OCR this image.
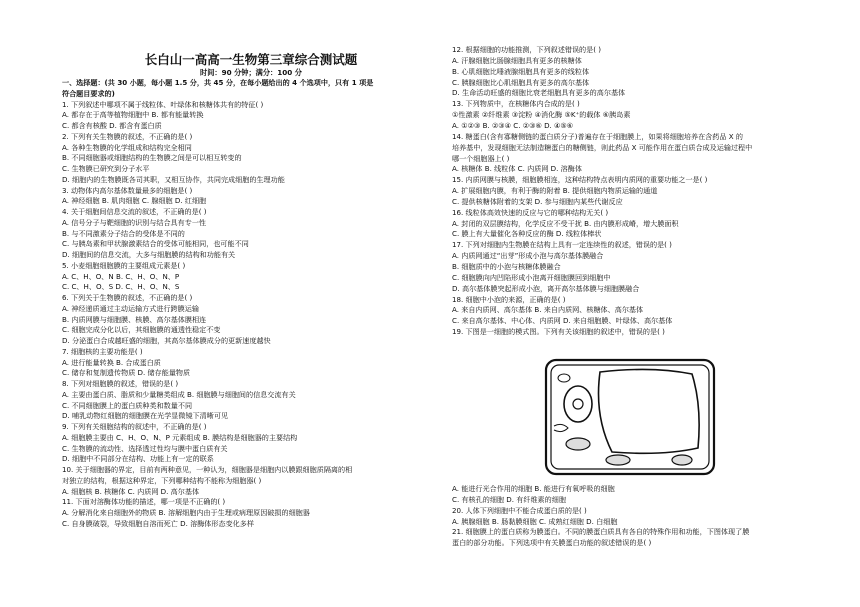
长白山一高高一生物第三章综合测试题
时间：90 分钟；满分：100 分
一、选择题：(共 30 小题，每小题 1.5 分，共 45 分，在每小题给出的 4 个选项中，只有 1 项是
符合题目要求的)
1. 下列叙述中哪项不属于线粒体、叶绿体和核糖体共有的特征( )
A. 都存在于高等植物细胞中 B. 都有能量转换
C. 都含有核酸 D. 都含有蛋白质
2. 下列有关生物膜的叙述，不正确的是( )
A. 各种生物膜的化学组成和结构完全相同
B. 不同细胞器或细胞结构的生物膜之间是可以相互转变的
C. 生物膜已研究到分子水平
D. 细胞内的生物膜既各司其职，又相互协作，共同完成细胞的生理功能
3. 动物体内高尔基体数量最多的细胞是( )
A. 神经细胞 B. 肌肉细胞 C. 腺细胞 D. 红细胞
4. 关于细胞间信息交流的叙述，不正确的是( )
A. 信号分子与靶细胞的识别与结合具有专一性
B. 与不同激素分子结合的受体是不同的
C. 与胰岛素和甲状腺激素结合的受体可能相同，也可能不同
D. 细胞间的信息交流，大多与细胞膜的结构和功能有关
5. 小麦细胞细胞膜的主要组成元素是( )
A. C、H、O、N B. C、H、O、N、P
C. C、H、O、S D. C、H、O、N、S
6. 下列关于生物膜的叙述，不正确的是( )
A. 神经递质通过主动运输方式进行跨膜运输
B. 内质网膜与细胞膜、核膜、高尔基体膜相连
C. 细胞完成分化以后，其细胞膜的通透性稳定不变
D. 分泌蛋白合成越旺盛的细胞，其高尔基体膜成分的更新速度越快
7. 细胞核的主要功能是( )
A. 进行能量转换 B. 合成蛋白质
C. 储存和复制遗传物质 D. 储存能量物质
8. 下列对细胞膜的叙述，错误的是( )
A. 主要由蛋白质、脂质和少量糖类组成 B. 细胞膜与细胞间的信息交流有关
C. 不同细胞膜上的蛋白质种类和数量不同
D. 哺乳动物红细胞的细胞膜在光学显微镜下清晰可见
9. 下列有关细胞结构的叙述中，不正确的是( )
A. 细胞膜主要由 C、H、O、N、P 元素组成 B. 膜结构是细胞器的主要结构
C. 生物膜的流动性、选择透过性均与膜中蛋白质有关
D. 细胞中不同部分在结构、功能上有一定的联系
10. 关于细胞器的界定，目前有两种意见，一种认为，细胞器是细胞内以膜跟细胞质隔离的相
对独立的结构，根据这种界定，下列哪种结构不能称为细胞器( )
A. 细胞核 B. 核糖体 C. 内质网 D. 高尔基体
11. 下面对溶酶体功能的描述，哪一项是不正确的( )
A. 分解消化来自细胞外的物质 B. 溶解细胞内由于生理或病理原因破损的细胞器
C. 自身膜破裂，导致细胞自溶而死亡 D. 溶酶体形态变化多样
12. 根据细胞的功能推测，下列叙述错误的是( )
A. 汗腺细胞比肠腺细胞具有更多的核糖体
B. 心肌细胞比唾液腺细胞具有更多的线粒体
C. 胰腺细胞比心肌细胞具有更多的高尔基体
D. 生命活动旺盛的细胞比衰老细胞具有更多的高尔基体
13. 下列物质中，在核糖体内合成的是( )
①性激素 ②纤维素 ③淀粉 ④消化酶 ⑤K⁺的载体 ⑥胰岛素
A. ①②③ B. ②③④ C. ②③⑥ D. ④⑤⑥
14. 糖蛋白(含有寡糖侧链的蛋白质分子)普遍存在于细胞膜上，如果将细胞培养在含药品 X 的
培养基中，发现细胞无法制造糖蛋白的糖侧链，则此药品 X 可能作用在蛋白质合成及运输过程中
哪一个细胞器上( )
A. 核糖体 B. 线粒体 C. 内质网 D. 溶酶体
15. 内质网膜与核膜，细胞膜相连，这种结构特点表明内质网的重要功能之一是( )
A. 扩展细胞内膜，有利于酶的附着 B. 提供细胞内物质运输的通道
C. 提供核糖体附着的支架 D. 参与细胞内某些代谢反应
16. 线粒体高效快速的反应与它的哪种结构无关( )
A. 封闭的双层膜结构，化学反应不受干扰 B. 由内膜形成嵴，增大膜面积
C. 膜上有大量催化各种反应的酶 D. 线粒体棒状
17. 下列对细胞内生物膜在结构上具有一定连续性的叙述，错误的是( )
A. 内质网通过“出芽”形成小泡与高尔基体膜融合
B. 细胞质中的小泡与核糖体膜融合
C. 细胞膜向内凹陷形成小泡离开细胞膜回到细胞中
D. 高尔基体膜突起形成小泡，离开高尔基体膜与细胞膜融合
18. 细胞中小泡的来源，正确的是( )
A. 来自内质网、高尔基体 B. 来自内质网、核糖体、高尔基体
C. 来自高尔基体、中心体、内质网 D. 来自细胞膜、叶绿体、高尔基体
19. 下图是一细胞的模式图。下列有关该细胞的叙述中，错误的是( )
A. 能进行光合作用的细胞 B. 能进行有氧呼吸的细胞
C. 有核孔的细胞 D. 有纤维素的细胞
20. 人体下列细胞中不能合成蛋白质的是( )
A. 胰腺细胞 B. 肠黏膜细胞 C. 成熟红细胞 D. 白细胞
21. 细胞膜上的蛋白质称为膜蛋白。不同的膜蛋白质具有各自的特殊作用和功能，下图体现了膜
蛋白的部分功能。下列选项中有关膜蛋白功能的叙述错误的是( )
